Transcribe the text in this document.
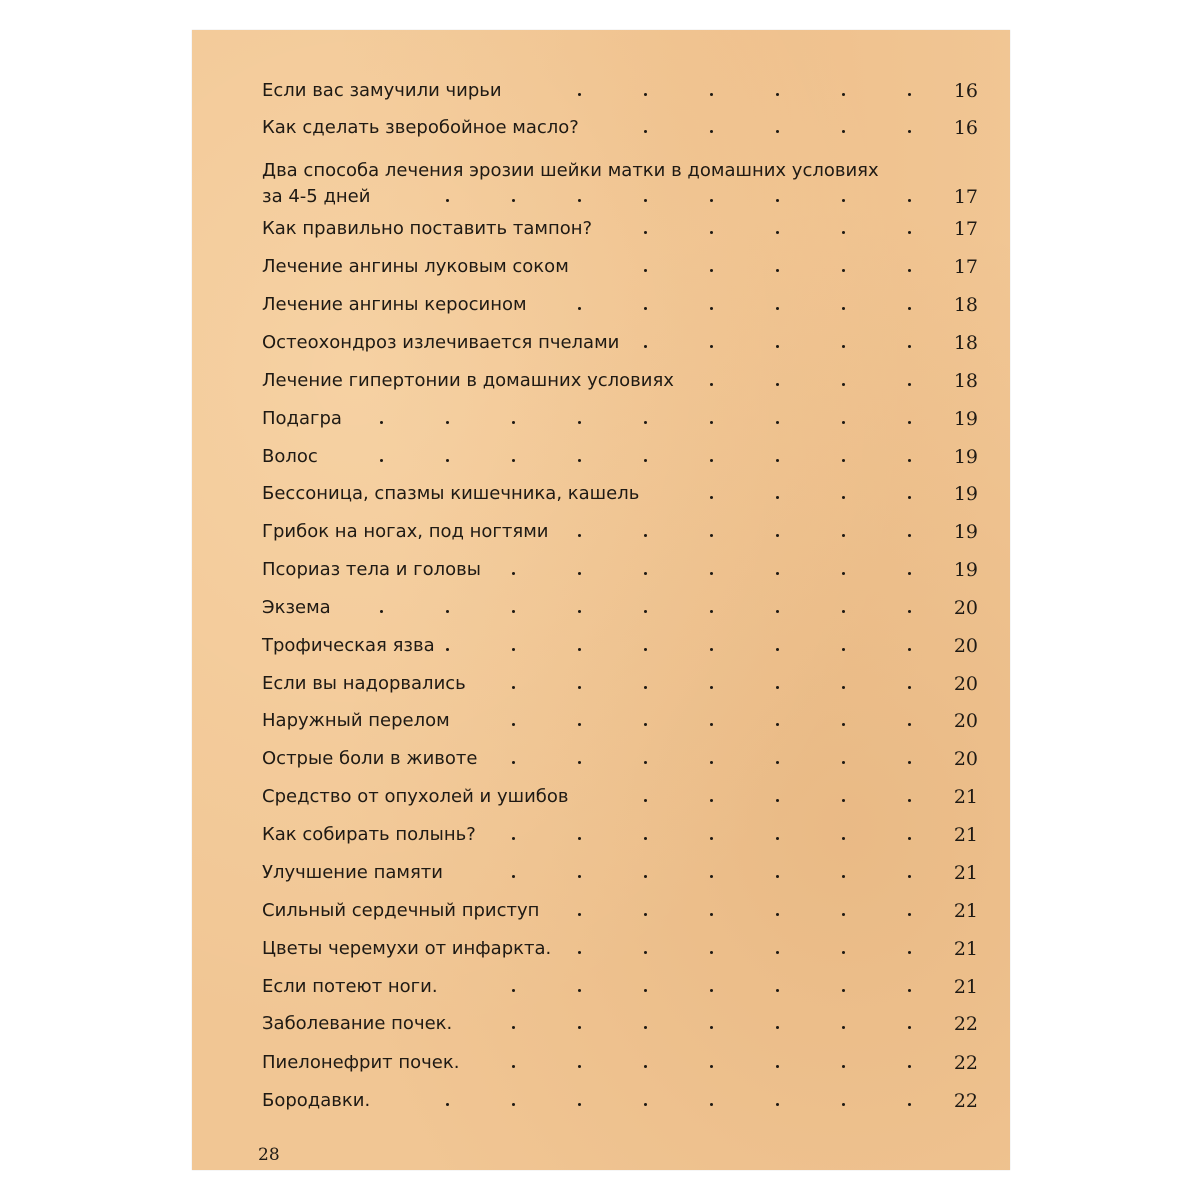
Если вас замучили чирьи	16
Как сделать зверобойное масло?	16
Два способа лечения эрозии шейки матки в домашних условиях
за 4-5 дней	17
Как правильно поставить тампон?	17
Лечение ангины луковым соком	17
Лечение ангины керосином	18
Остеохондроз излечивается пчелами	18
Лечение гипертонии в домашних условиях	18
Подагра	19
Волос	19
Бессоница, спазмы кишечника, кашель	19
Грибок на ногах, под ногтями	19
Псориаз тела и головы	19
Экзема	20
Трофическая язва	20
Если вы надорвались	20
Наружный перелом	20
Острые боли в животе	20
Средство от опухолей и ушибов	21
Как собирать полынь?	21
Улучшение памяти	21
Сильный сердечный приступ	21
Цветы черемухи от инфаркта.	21
Если потеют ноги.	21
Заболевание почек.	22
Пиелонефрит почек.	22
Бородавки.	22
28
